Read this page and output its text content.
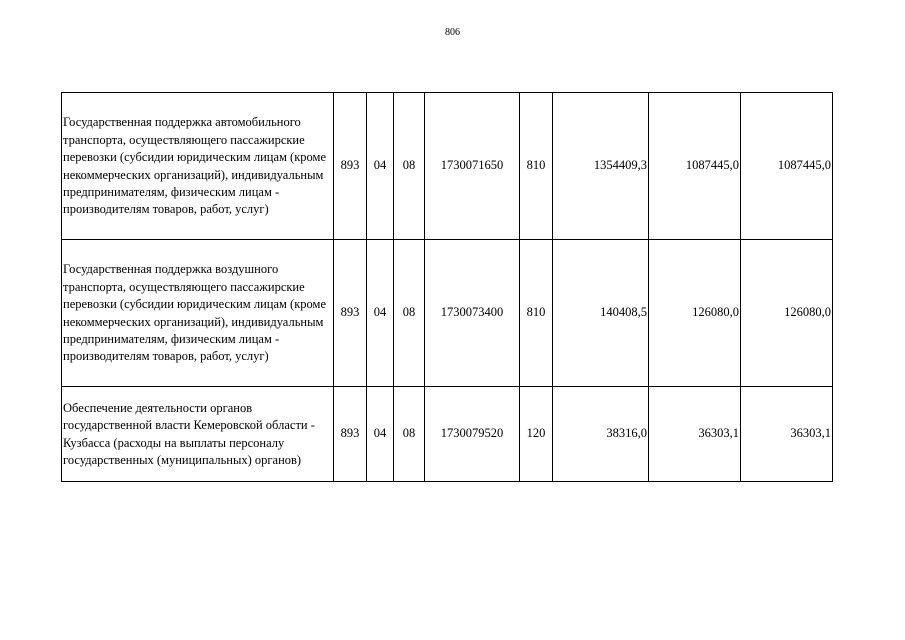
806
Государственная поддержка автомобильного транспорта, осуществляющего пассажирские перевозки (субсидии юридическим лицам (кроме некоммерческих организаций), индивидуальным предпринимателям, физическим лицам - производителям товаров, работ, услуг)	893	04	08	1730071650	810	1354409,3	1087445,0	1087445,0
Государственная поддержка воздушного транспорта, осуществляющего пассажирские перевозки (субсидии юридическим лицам (кроме некоммерческих организаций), индивидуальным предпринимателям, физическим лицам - производителям товаров, работ, услуг)	893	04	08	1730073400	810	140408,5	126080,0	126080,0
Обеспечение деятельности органов государственной власти Кемеровской области - Кузбасса (расходы на выплаты персоналу государственных (муниципальных) органов)	893	04	08	1730079520	120	38316,0	36303,1	36303,1
